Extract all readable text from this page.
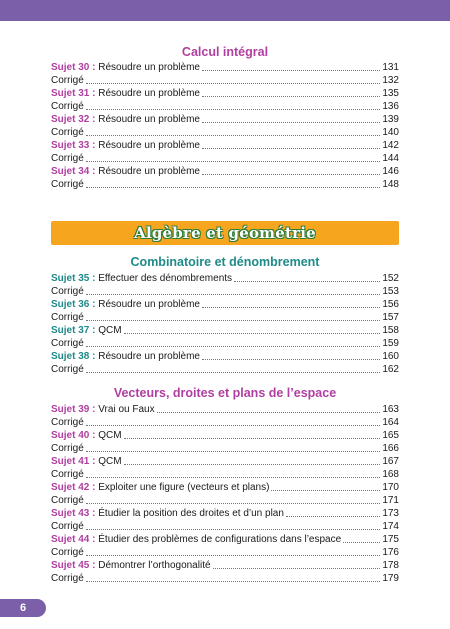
Calcul intégral
Sujet 30 : Résoudre un problème	131
Corrigé	132
Sujet 31 : Résoudre un problème	135
Corrigé	136
Sujet 32 : Résoudre un problème	139
Corrigé	140
Sujet 33 : Résoudre un problème	142
Corrigé	144
Sujet 34 : Résoudre un problème	146
Corrigé	148
Algèbre et géométrie
Combinatoire et dénombrement
Sujet 35 : Effectuer des dénombrements	152
Corrigé	153
Sujet 36 : Résoudre un problème	156
Corrigé	157
Sujet 37 : QCM	158
Corrigé	159
Sujet 38 : Résoudre un problème	160
Corrigé	162
Vecteurs, droites et plans de l’espace
Sujet 39 : Vrai ou Faux	163
Corrigé	164
Sujet 40 : QCM	165
Corrigé	166
Sujet 41 : QCM	167
Corrigé	168
Sujet 42 : Exploiter une figure (vecteurs et plans)	170
Corrigé	171
Sujet 43 : Étudier la position des droites et d’un plan	173
Corrigé	174
Sujet 44 : Étudier des problèmes de configurations dans l’espace	175
Corrigé	176
Sujet 45 : Démontrer l’orthogonalité	178
Corrigé	179
6
